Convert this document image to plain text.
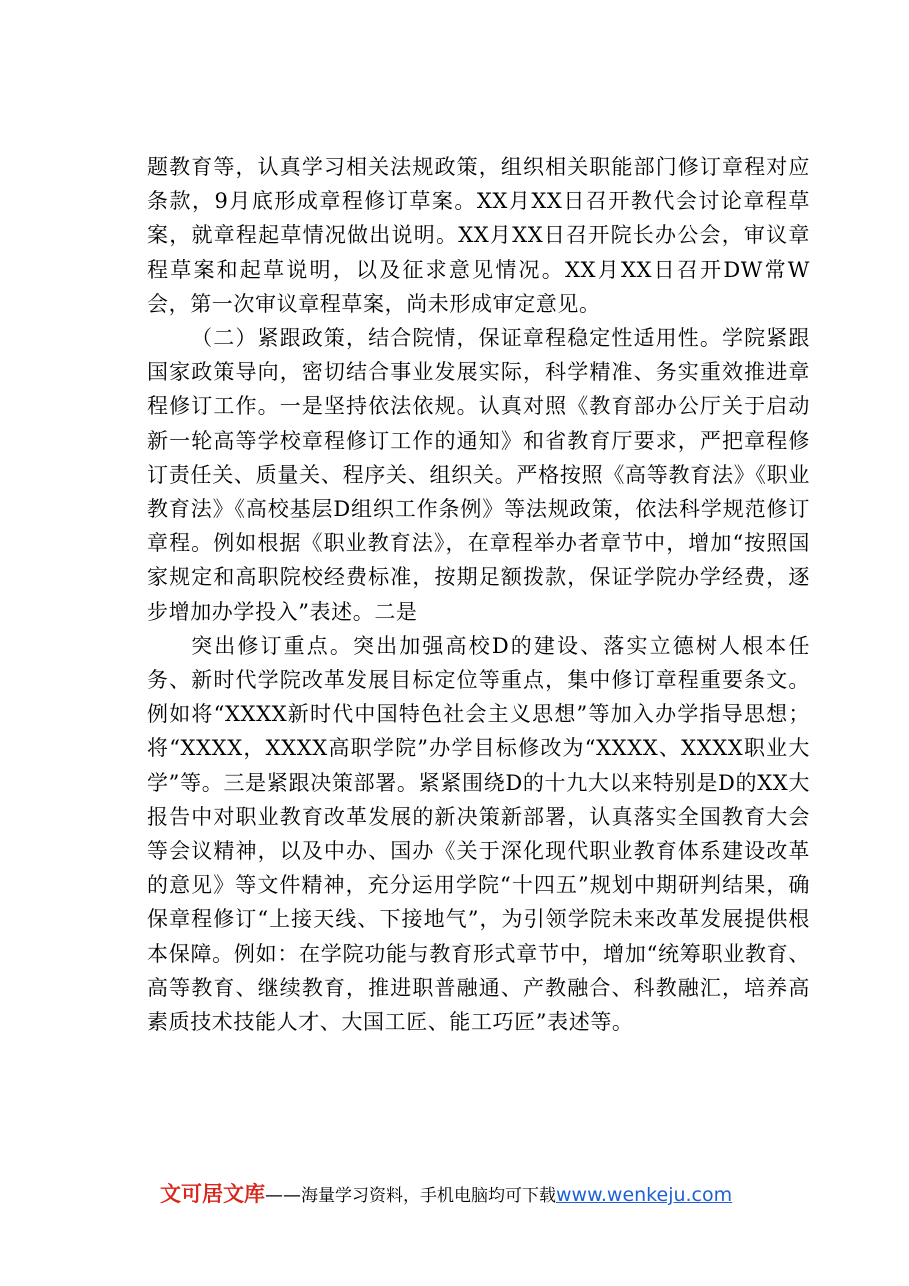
题教育等，认真学习相关法规政策，组织相关职能部门修订章程对应条款，9月底形成章程修订草案。XX月XX日召开教代会讨论章程草案，就章程起草情况做出说明。XX月XX日召开院长办公会，审议章程草案和起草说明，以及征求意见情况。XX月XX日召开DW常W会，第一次审议章程草案，尚未形成审定意见。

（二）紧跟政策，结合院情，保证章程稳定性适用性。学院紧跟国家政策导向，密切结合事业发展实际，科学精准、务实重效推进章程修订工作。一是坚持依法依规。认真对照《教育部办公厅关于启动新一轮高等学校章程修订工作的通知》和省教育厅要求，严把章程修订责任关、质量关、程序关、组织关。严格按照《高等教育法》《职业教育法》《高校基层D组织工作条例》等法规政策，依法科学规范修订章程。例如根据《职业教育法》，在章程举办者章节中，增加“按照国家规定和高职院校经费标准，按期足额拨款，保证学院办学经费，逐步增加办学投入”表述。二是

突出修订重点。突出加强高校D的建设、落实立德树人根本任务、新时代学院改革发展目标定位等重点，集中修订章程重要条文。例如将“XXXX新时代中国特色社会主义思想”等加入办学指导思想；将“XXXX，XXXX高职学院”办学目标修改为“XXXX、XXXX职业大学”等。三是紧跟决策部署。紧紧围绕D的十九大以来特别是D的XX大报告中对职业教育改革发展的新决策新部署，认真落实全国教育大会等会议精神，以及中办、国办《关于深化现代职业教育体系建设改革的意见》等文件精神，充分运用学院“十四五”规划中期研判结果，确保章程修订“上接天线、下接地气”，为引领学院未来改革发展提供根本保障。例如：在学院功能与教育形式章节中，增加“统筹职业教育、高等教育、继续教育，推进职普融通、产教融合、科教融汇，培养高素质技术技能人才、大国工匠、能工巧匠”表述等。

文可居文库——海量学习资料，手机电脑均可下载www.wenkeju.com
